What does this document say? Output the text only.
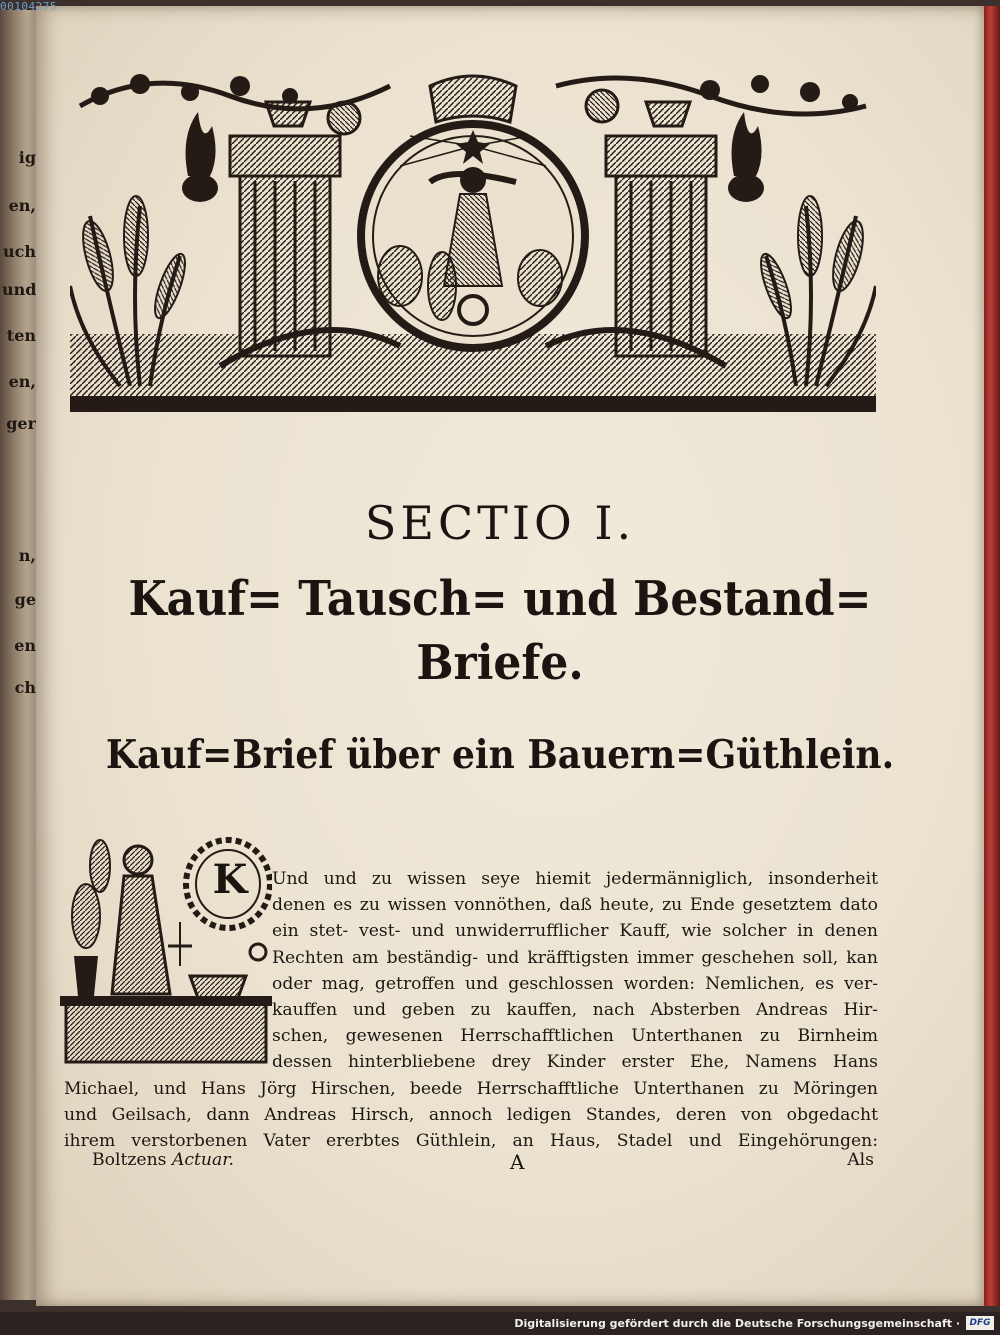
ig
en,
uch
und
ten
en,
ger
n,
ge
en
ch
00104275
SECTIO I.
Kauf= Tausch= und Bestand=
Briefe.
Kauf=Brief über ein Bauern=Güthlein.
K Und und zu wissen seye hiemit jedermänniglich, insonderheit
denen es zu wissen vonnöthen, daß heute, zu Ende gesetztem dato
ein stet- vest- und unwiderrufflicher Kauff, wie solcher in denen
Rechten am beständig- und kräfftigsten immer geschehen soll, kan
oder mag, getroffen und geschlossen worden: Nemlichen, es ver-
kauffen und geben zu kauffen, nach Absterben Andreas Hir-
schen, gewesenen Herrschafftlichen Unterthanen zu Birnheim
dessen hinterbliebene drey Kinder erster Ehe, Namens Hans
Michael, und Hans Jörg Hirschen, beede Herrschafftliche Unterthanen zu Möringen
und Geilsach, dann Andreas Hirsch, annoch ledigen Standes, deren von obgedacht
ihrem verstorbenen Vater ererbtes Güthlein, an Haus, Stadel und Eingehörungen:
Boltzens Actuar.	A	Als
Digitalisierung gefördert durch die Deutsche Forschungsgemeinschaft ·	DFG
